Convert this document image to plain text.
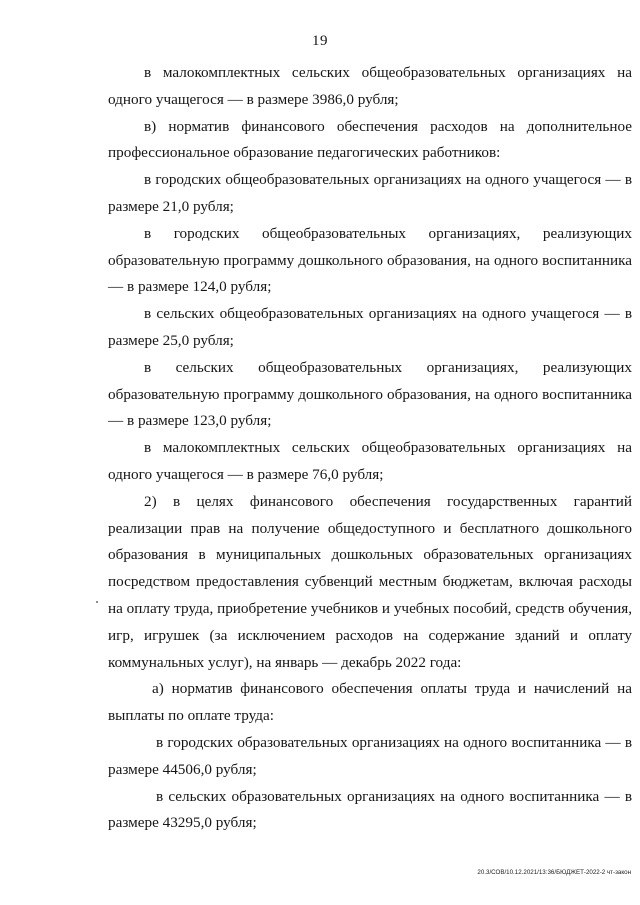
19

в малокомплектных сельских общеобразовательных организациях на одного учащегося — в размере 3986,0 рубля;

в) норматив финансового обеспечения расходов на дополнительное профессиональное образование педагогических работников:

в городских общеобразовательных организациях на одного учащегося — в размере 21,0 рубля;

в городских общеобразовательных организациях, реализующих образовательную программу дошкольного образования, на одного воспитанника — в размере 124,0 рубля;

в сельских общеобразовательных организациях на одного учащегося — в размере 25,0 рубля;

в сельских общеобразовательных организациях, реализующих образовательную программу дошкольного образования, на одного воспитанника — в размере 123,0 рубля;

в малокомплектных сельских общеобразовательных организациях на одного учащегося — в размере 76,0 рубля;

2) в целях финансового обеспечения государственных гарантий реализации прав на получение общедоступного и бесплатного дошкольного образования в муниципальных дошкольных образовательных организациях посредством предоставления субвенций местным бюджетам, включая расходы на оплату труда, приобретение учебников и учебных пособий, средств обучения, игр, игрушек (за исключением расходов на содержание зданий и оплату коммунальных услуг), на январь — декабрь 2022 года:

а) норматив финансового обеспечения оплаты труда и начислений на выплаты по оплате труда:

в городских образовательных организациях на одного воспитанника — в размере 44506,0 рубля;

в сельских образовательных организациях на одного воспитанника — в размере 43295,0 рубля;

20.3/СОВ/10.12.2021/13:36/БЮДЖЕТ-2022-2 чт-закон
